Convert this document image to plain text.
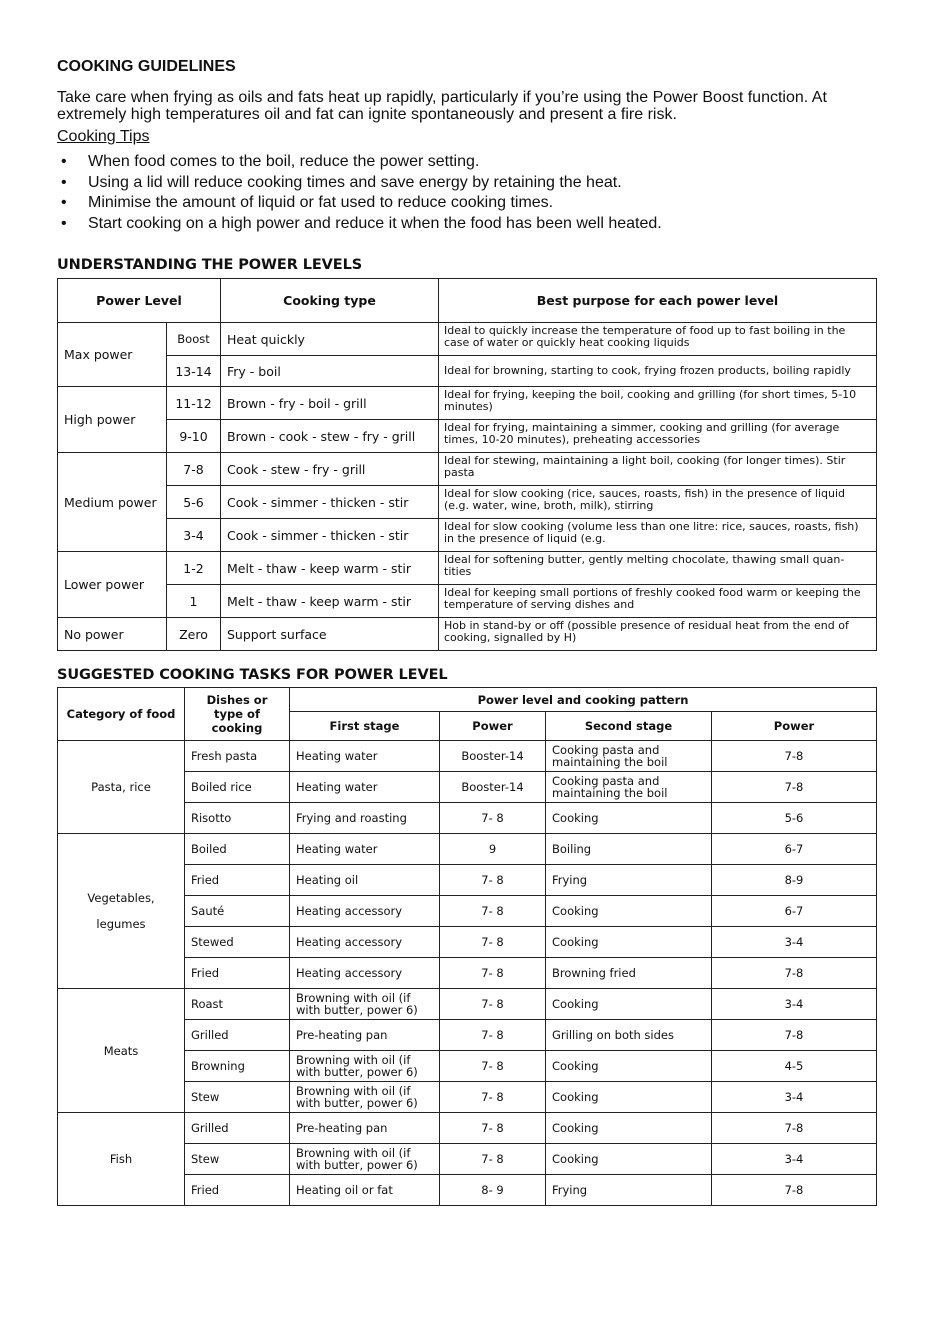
COOKING GUIDELINES

Take care when frying as oils and fats heat up rapidly, particularly if you’re using the Power Boost function. At extremely high temperatures oil and fat can ignite spontaneously and present a fire risk.

Cooking Tips

• When food comes to the boil, reduce the power setting.
• Using a lid will reduce cooking times and save energy by retaining the heat.
• Minimise the amount of liquid or fat used to reduce cooking times.
• Start cooking on a high power and reduce it when the food has been well heated.
UNDERSTANDING THE POWER LEVELS
Power Level		Cooking type	Best purpose for each power level
Max power	Boost	Heat quickly	Ideal to quickly increase the temperature of food up to fast boiling in the case of water or quickly heat cooking liquids
	13-14	Fry - boil	Ideal for browning, starting to cook, frying frozen products, boiling rapidly
High power	11-12	Brown - fry - boil - grill	Ideal for frying, keeping the boil, cooking and grilling (for short times, 5-10 minutes)
	9-10	Brown - cook - stew - fry - grill	Ideal for frying, maintaining a simmer, cooking and grilling (for average times, 10-20 minutes), preheating accessories
Medium power	7-8	Cook - stew - fry - grill	Ideal for stewing, maintaining a light boil, cooking (for longer times). Stir pasta
	5-6	Cook - simmer - thicken - stir	Ideal for slow cooking (rice, sauces, roasts, fish) in the presence of liquid (e.g. water, wine, broth, milk), stirring
	3-4	Cook - simmer - thicken - stir	Ideal for slow cooking (volume less than one litre: rice, sauces, roasts, fish) in the presence of liquid (e.g.
Lower power	1-2	Melt - thaw - keep warm - stir	Ideal for softening butter, gently melting chocolate, thawing small quan-tities
	1	Melt - thaw - keep warm - stir	Ideal for keeping small portions of freshly cooked food warm or keeping the temperature of serving dishes and
No power	Zero	Support surface	Hob in stand-by or off (possible presence of residual heat from the end of cooking, signalled by H)
SUGGESTED COOKING TASKS FOR POWER LEVEL
Category of food	Dishes or type of cooking	Power level and cooking pattern			
		First stage	Power	Second stage	Power
Pasta, rice	Fresh pasta	Heating water	Booster-14	Cooking pasta and maintaining the boil	7-8
	Boiled rice	Heating water	Booster-14	Cooking pasta and maintaining the boil	7-8
	Risotto	Frying and roasting	7- 8	Cooking	5-6
Vegetables, legumes	Boiled	Heating water	9	Boiling	6-7
	Fried	Heating oil	7- 8	Frying	8-9
	Sauté	Heating accessory	7- 8	Cooking	6-7
	Stewed	Heating accessory	7- 8	Cooking	3-4
	Fried	Heating accessory	7- 8	Browning fried	7-8
Meats	Roast	Browning with oil (if with butter, power 6)	7- 8	Cooking	3-4
	Grilled	Pre-heating pan	7- 8	Grilling on both sides	7-8
	Browning	Browning with oil (if with butter, power 6)	7- 8	Cooking	4-5
	Stew	Browning with oil (if with butter, power 6)	7- 8	Cooking	3-4
Fish	Grilled	Pre-heating pan	7- 8	Cooking	7-8
	Stew	Browning with oil (if with butter, power 6)	7- 8	Cooking	3-4
	Fried	Heating oil or fat	8- 9	Frying	7-8
